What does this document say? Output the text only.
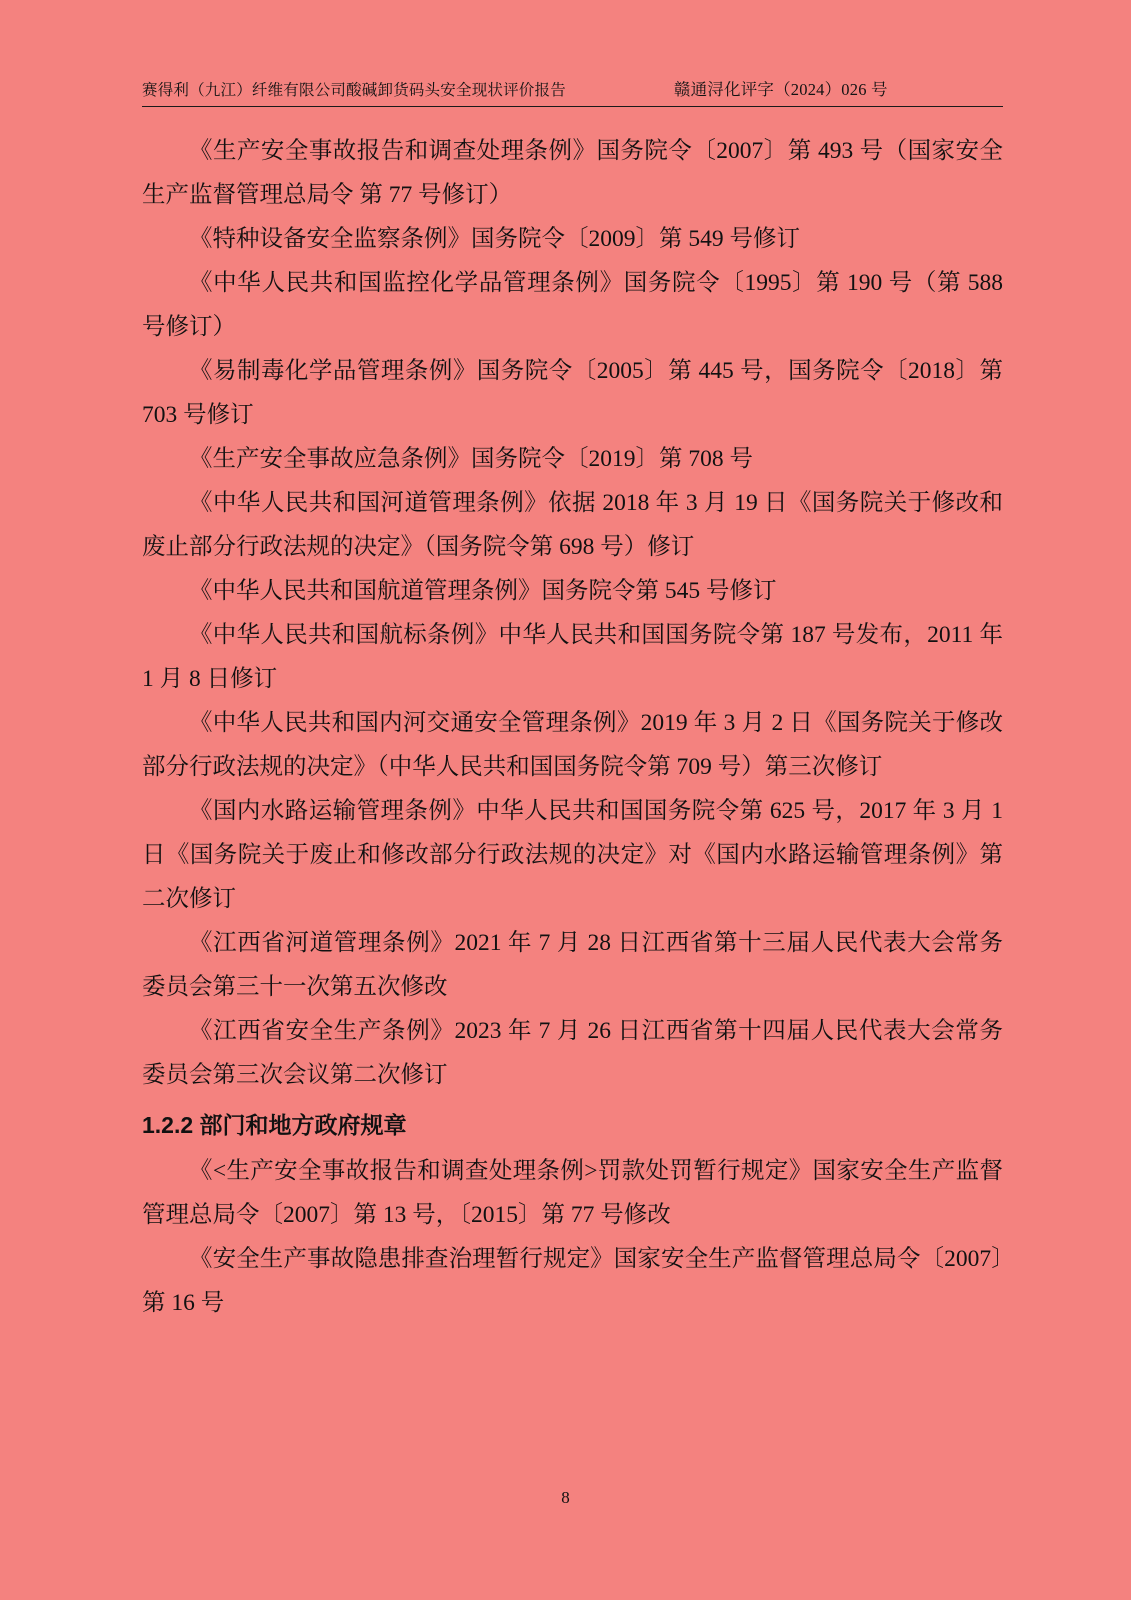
赛得利（九江）纤维有限公司酸碱卸货码头安全现状评价报告	赣通浔化评字（2024）026 号

《生产安全事故报告和调查处理条例》国务院令〔2007〕第 493 号（国家安全生产监督管理总局令 第 77 号修订）

《特种设备安全监察条例》国务院令〔2009〕第 549 号修订

《中华人民共和国监控化学品管理条例》国务院令〔1995〕第 190 号（第 588 号修订）

《易制毒化学品管理条例》国务院令〔2005〕第 445 号，国务院令〔2018〕第 703 号修订

《生产安全事故应急条例》国务院令〔2019〕第 708 号

《中华人民共和国河道管理条例》依据 2018 年 3 月 19 日《国务院关于修改和废止部分行政法规的决定》（国务院令第 698 号）修订

《中华人民共和国航道管理条例》国务院令第 545 号修订

《中华人民共和国航标条例》中华人民共和国国务院令第 187 号发布，2011 年 1 月 8 日修订

《中华人民共和国内河交通安全管理条例》2019 年 3 月 2 日《国务院关于修改部分行政法规的决定》（中华人民共和国国务院令第 709 号）第三次修订

《国内水路运输管理条例》中华人民共和国国务院令第 625 号，2017 年 3 月 1 日《国务院关于废止和修改部分行政法规的决定》对《国内水路运输管理条例》第二次修订

《江西省河道管理条例》2021 年 7 月 28 日江西省第十三届人民代表大会常务委员会第三十一次第五次修改

《江西省安全生产条例》2023 年 7 月 26 日江西省第十四届人民代表大会常务委员会第三次会议第二次修订

1.2.2 部门和地方政府规章

《<生产安全事故报告和调查处理条例>罚款处罚暂行规定》国家安全生产监督管理总局令〔2007〕第 13 号，〔2015〕第 77 号修改

《安全生产事故隐患排查治理暂行规定》国家安全生产监督管理总局令〔2007〕第 16 号

8
